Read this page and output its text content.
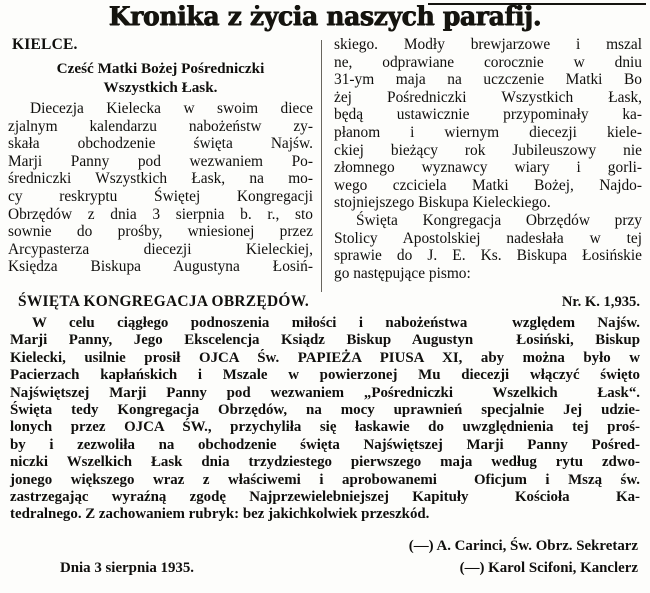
Kronika z życia naszych parafij.
KIELCE.
Cześć Matki Bożej Pośredniczki
Wszystkich Łask.
Diecezja Kielecka w swoim diece
zjalnym kalendarzu nabożeństw zy-
skała obchodzenie święta Najśw.
Marji Panny pod wezwaniem Po-
średniczki Wszystkich Łask, na mo-
cy reskryptu Świętej Kongregacji
Obrzędów z dnia 3 sierpnia b. r., sto
sownie do prośby, wniesionej przez
Arcypasterza diecezji Kieleckiej,
Księdza Biskupa Augustyna Łosiń-
skiego. Modły brewjarzowe i mszal
ne, odprawiane corocznie w dniu
31-ym maja na uczczenie Matki Bo
żej Pośredniczki Wszystkich Łask,
będą ustawicznie przypominały ka-
płanom i wiernym diecezji kiele-
ckiej bieżący rok Jubileuszowy nie
złomnego wyznawcy wiary i gorli-
wego czciciela Matki Bożej, Najdo-
stojniejszego Biskupa Kieleckiego.
Święta Kongregacja Obrzędów przy
Stolicy Apostolskiej nadesłała w tej
sprawie do J. E. Ks. Biskupa Łosińskie
go następujące pismo:
ŚWIĘTA KONGREGACJA OBRZĘDÓW.	Nr. K. 1,935.
W celu ciągłego podnoszenia miłości i nabożeństwa  względem Najśw.
Marji Panny, Jego Ekscelencja Ksiądz Biskup Augustyn  Łosiński, Biskup
Kielecki, usilnie prosił OJCA Św. PAPIEŻA PIUSA XI, aby można było w
Pacierzach kapłańskich i Mszale w powierzonej Mu diecezji włączyć święto
Najświętszej Marji Panny pod wezwaniem „Pośredniczki  Wszelkich  Łask“.
Święta tedy Kongregacja Obrzędów, na mocy uprawnień specjalnie Jej udzie-
lonych przez OJCA ŚW., przychyliła się łaskawie do uwzględnienia tej proś-
by i zezwoliła na obchodzenie święta Najświętszej Marji Panny Pośred-
niczki Wszelkich Łask dnia trzydziestego pierwszego maja według rytu zdwo-
jonego większego wraz z właściwemi i aprobowanemi  Oficjum i Mszą św.
zastrzegając wyraźną zgodę Najprzewielebniejszej Kapituły  Kościoła  Ka-
tedralnego. Z zachowaniem rubryk: bez jakichkolwiek przeszkód.
(—) A. Carinci, Św. Obrz. Sekretarz
Dnia 3 sierpnia 1935.	(—) Karol Scifoni, Kanclerz
